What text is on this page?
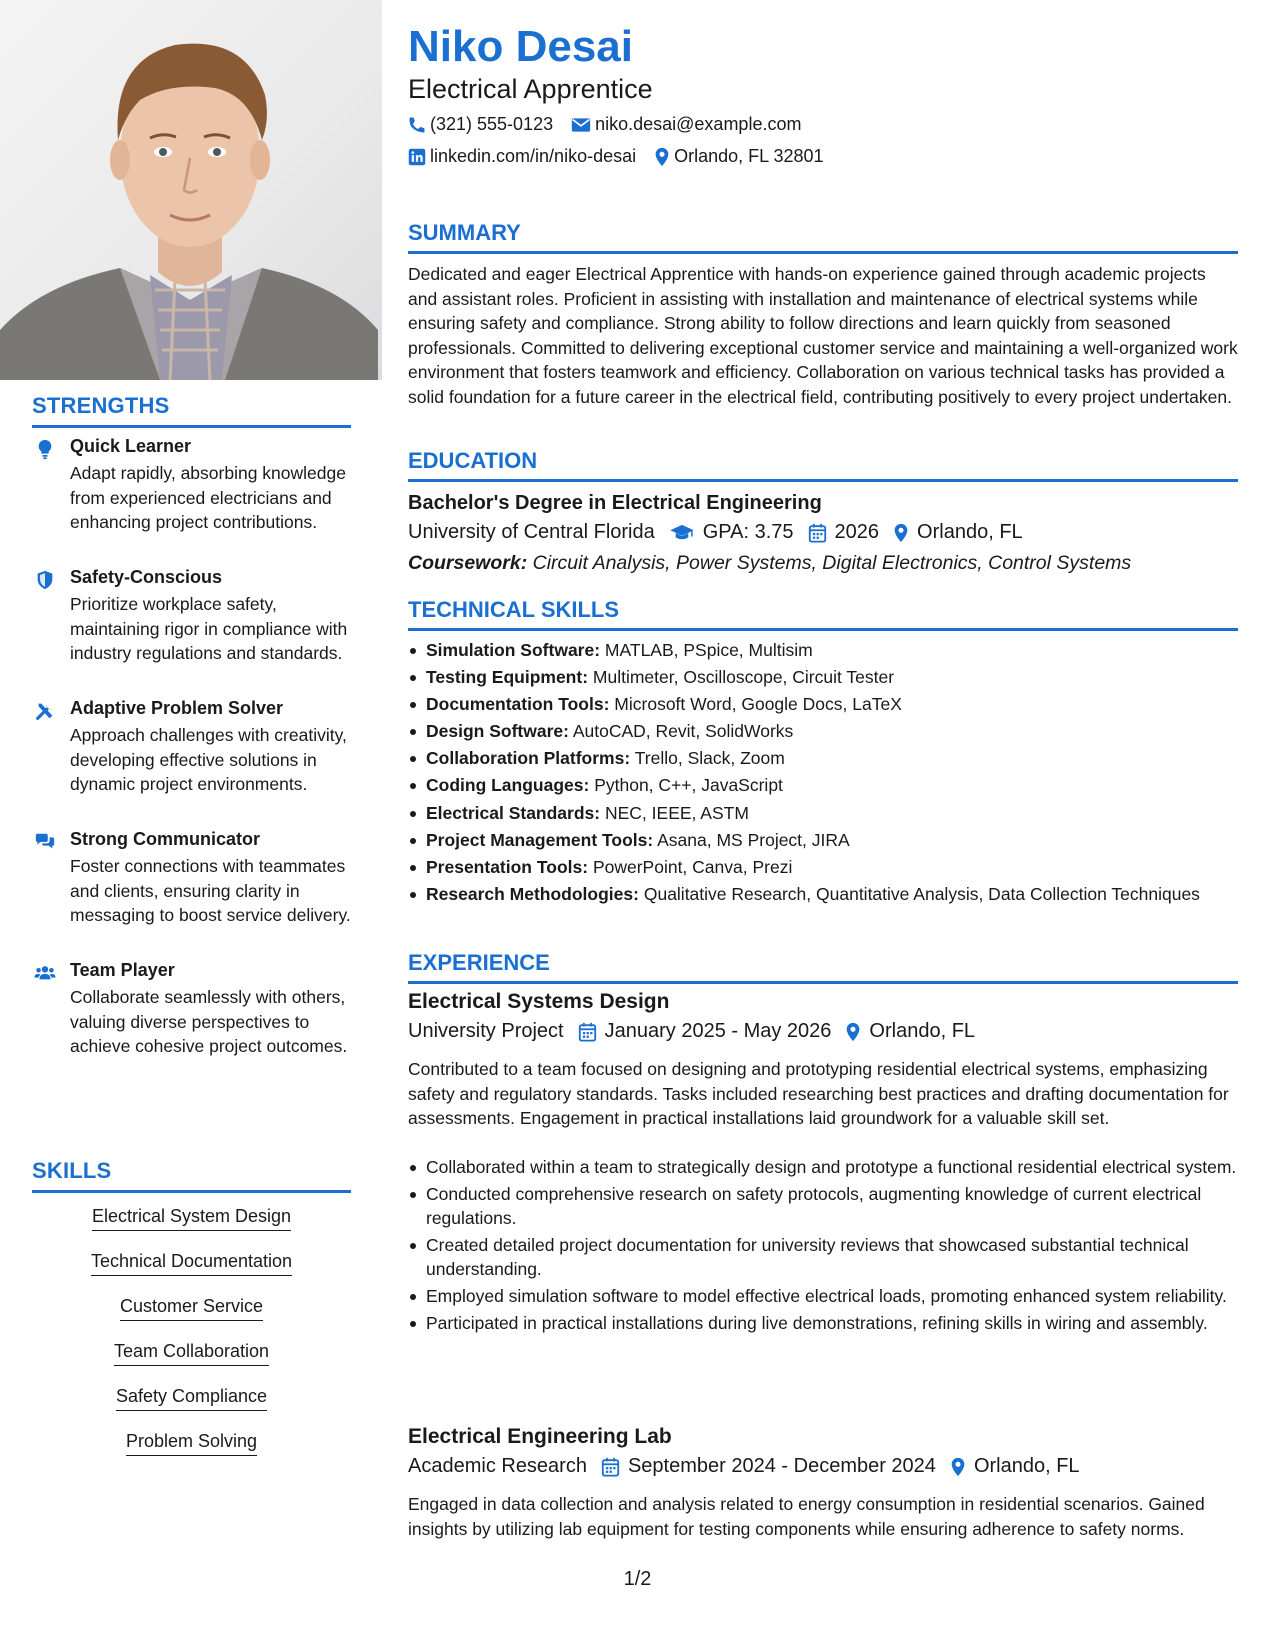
STRENGTHS
Quick Learner
Adapt rapidly, absorbing knowledge from experienced electricians and enhancing project contributions.
Safety-Conscious
Prioritize workplace safety, maintaining rigor in compliance with industry regulations and standards.
Adaptive Problem Solver
Approach challenges with creativity, developing effective solutions in dynamic project environments.
Strong Communicator
Foster connections with teammates and clients, ensuring clarity in messaging to boost service delivery.
Team Player
Collaborate seamlessly with others, valuing diverse perspectives to achieve cohesive project outcomes.
SKILLS
Electrical System Design
Technical Documentation
Customer Service
Team Collaboration
Safety Compliance
Problem Solving
Niko Desai
Electrical Apprentice
(321) 555-0123 niko.desai@example.com
linkedin.com/in/niko-desai Orlando, FL 32801
SUMMARY
Dedicated and eager Electrical Apprentice with hands-on experience gained through academic projects and assistant roles. Proficient in assisting with installation and maintenance of electrical systems while ensuring safety and compliance. Strong ability to follow directions and learn quickly from seasoned professionals. Committed to delivering exceptional customer service and maintaining a well-organized work environment that fosters teamwork and efficiency. Collaboration on various technical tasks has provided a solid foundation for a future career in the electrical field, contributing positively to every project undertaken.
EDUCATION
Bachelor's Degree in Electrical Engineering
University of Central Florida GPA: 3.75 2026 Orlando, FL
Coursework: Circuit Analysis, Power Systems, Digital Electronics, Control Systems
TECHNICAL SKILLS
Simulation Software: MATLAB, PSpice, Multisim
Testing Equipment: Multimeter, Oscilloscope, Circuit Tester
Documentation Tools: Microsoft Word, Google Docs, LaTeX
Design Software: AutoCAD, Revit, SolidWorks
Collaboration Platforms: Trello, Slack, Zoom
Coding Languages: Python, C++, JavaScript
Electrical Standards: NEC, IEEE, ASTM
Project Management Tools: Asana, MS Project, JIRA
Presentation Tools: PowerPoint, Canva, Prezi
Research Methodologies: Qualitative Research, Quantitative Analysis, Data Collection Techniques
EXPERIENCE
Electrical Systems Design
University Project January 2025 - May 2026 Orlando, FL
Contributed to a team focused on designing and prototyping residential electrical systems, emphasizing safety and regulatory standards. Tasks included researching best practices and drafting documentation for assessments. Engagement in practical installations laid groundwork for a valuable skill set.
Collaborated within a team to strategically design and prototype a functional residential electrical system.
Conducted comprehensive research on safety protocols, augmenting knowledge of current electrical regulations.
Created detailed project documentation for university reviews that showcased substantial technical understanding.
Employed simulation software to model effective electrical loads, promoting enhanced system reliability.
Participated in practical installations during live demonstrations, refining skills in wiring and assembly.
Electrical Engineering Lab
Academic Research September 2024 - December 2024 Orlando, FL
Engaged in data collection and analysis related to energy consumption in residential scenarios. Gained insights by utilizing lab equipment for testing components while ensuring adherence to safety norms.
1/2
